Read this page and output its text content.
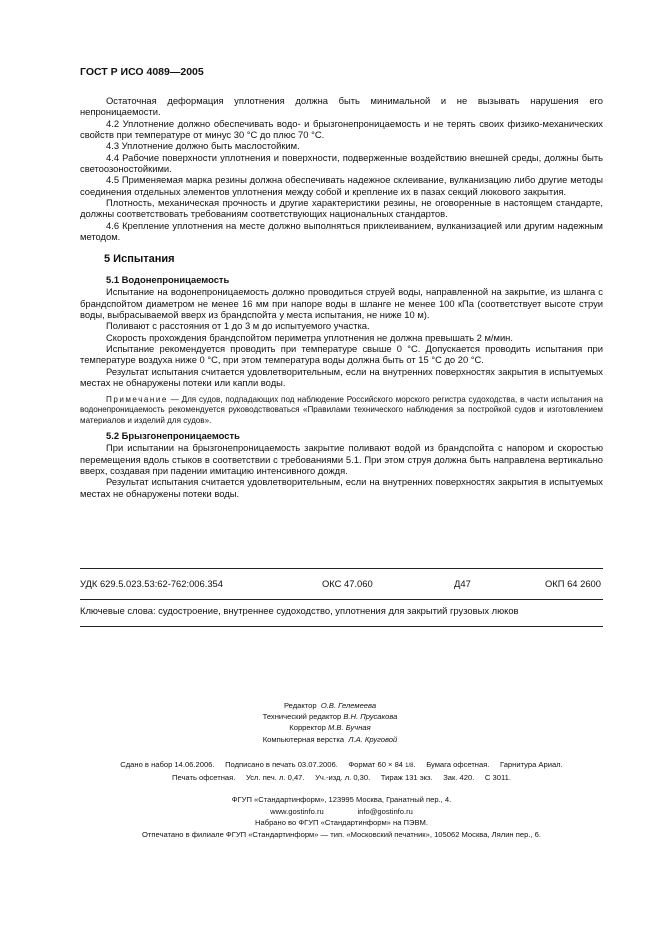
ГОСТ Р ИСО 4089—2005

Остаточная деформация уплотнения должна быть минимальной и не вызывать нарушения его непроницаемости.

4.2 Уплотнение должно обеспечивать водо- и брызгонепроницаемость и не терять своих физико-механических свойств при температуре от минус 30 °С до плюс 70 °С.

4.3 Уплотнение должно быть маслостойким.

4.4 Рабочие поверхности уплотнения и поверхности, подверженные воздействию внешней среды, должны быть светоозоностойкими.

4.5 Применяемая марка резины должна обеспечивать надежное склеивание, вулканизацию либо другие методы соединения отдельных элементов уплотнения между собой и крепление их в пазах секций люкового закрытия.

Плотность, механическая прочность и другие характеристики резины, не оговоренные в настоящем стандарте, должны соответствовать требованиям соответствующих национальных стандартов.

4.6 Крепление уплотнения на месте должно выполняться приклеиванием, вулканизацией или другим надежным методом.

5 Испытания

5.1 Водонепроницаемость

Испытание на водонепроницаемость должно проводиться струей воды, направленной на закрытие, из шланга с брандспойтом диаметром не менее 16 мм при напоре воды в шланге не менее 100 кПа (соответствует высоте струи воды, выбрасываемой вверх из брандспойта у места испытания, не ниже 10 м).

Поливают с расстояния от 1 до 3 м до испытуемого участка.

Скорость прохождения брандспойтом периметра уплотнения не должна превышать 2 м/мин.

Испытание рекомендуется проводить при температуре свыше 0 °С. Допускается проводить испытания при температуре воздуха ниже 0 °С, при этом температура воды должна быть от 15 °С до 20 °С.

Результат испытания считается удовлетворительным, если на внутренних поверхностях закрытия в испытуемых местах не обнаружены потеки или капли воды.

Примечание — Для судов, подпадающих под наблюдение Российского морского регистра судоходства, в части испытания на водонепроницаемость рекомендуется руководствоваться «Правилами технического наблюдения за постройкой судов и изготовлением материалов и изделий для судов».

5.2 Брызгонепроницаемость

При испытании на брызгонепроницаемость закрытие поливают водой из брандспойта с напором и скоростью перемещения вдоль стыков в соответствии с требованиями 5.1. При этом струя должна быть направлена вертикально вверх, создавая при падении имитацию интенсивного дождя.

Результат испытания считается удовлетворительным, если на внутренних поверхностях закрытия в испытуемых местах не обнаружены потеки воды.

УДК 629.5.023.53:62-762:006.354	ОКС 47.060	Д47	ОКП 64 2600
Ключевые слова: судостроение, внутреннее судоходство, уплотнения для закрытий грузовых люков
Редактор О.В. Гелемеева
Технический редактор В.Н. Прусакова
Корректор М.В. Бучная
Компьютерная верстка Л.А. Круговой
Сдано в набор 14.06.2006. Подписано в печать 03.07.2006. Формат 60 × 84 1/8. Бумага офсетная. Гарнитура Ариал.
Печать офсетная. Усл. печ. л. 0,47. Уч.-изд. л. 0,30. Тираж 131 экз. Зак. 420. С 3011.
ФГУП «Стандартинформ», 123995 Москва, Гранатный пер., 4.
www.gostinfo.ru	info@gostinfo.ru
Набрано во ФГУП «Стандартинформ» на ПЭВМ.
Отпечатано в филиале ФГУП «Стандартинформ» — тип. «Московский печатник», 105062 Москва, Лялин пер., 6.
